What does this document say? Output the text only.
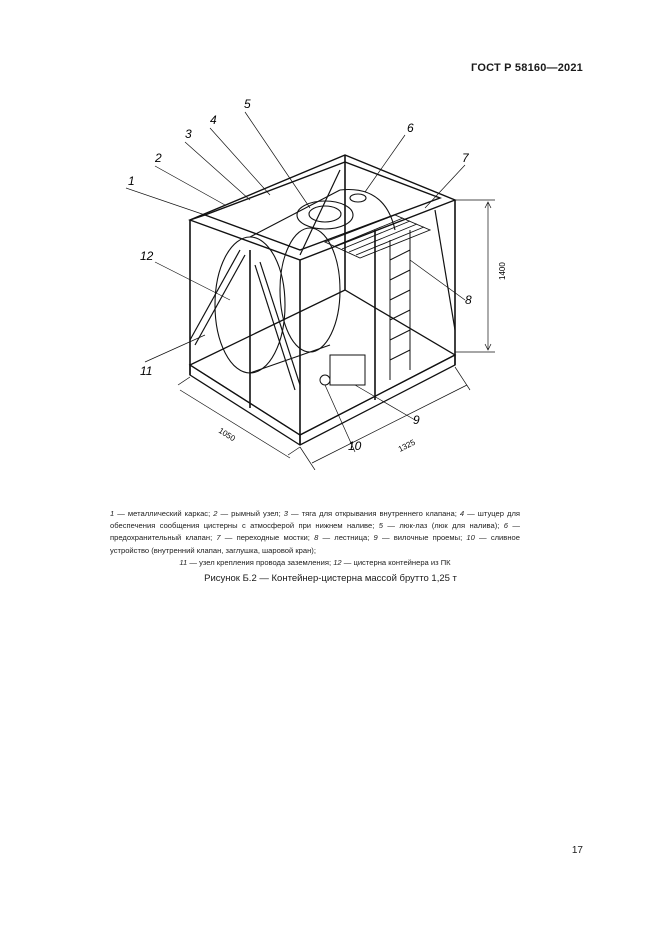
ГОСТ Р 58160—2021
1400
1050
1325
1
2
3
4
5
6
7
8
9
10
11
12
1 — металлический каркас; 2 — рымный узел; 3 — тяга для открывания внутреннего клапана; 4 — штуцер для обеспечения сообщения цистерны с атмосферой при нижнем наливе; 5 — люк-лаз (люк для налива); 6 — предохранительный клапан; 7 — переходные мостки; 8 — лестница; 9 — вилочные проемы; 10 — сливное устройство (внутренний клапан, заглушка, шаровой кран);
11 — узел крепления провода заземления; 12 — цистерна контейнера из ПК
Рисунок Б.2 — Контейнер-цистерна массой брутто 1,25 т
17
